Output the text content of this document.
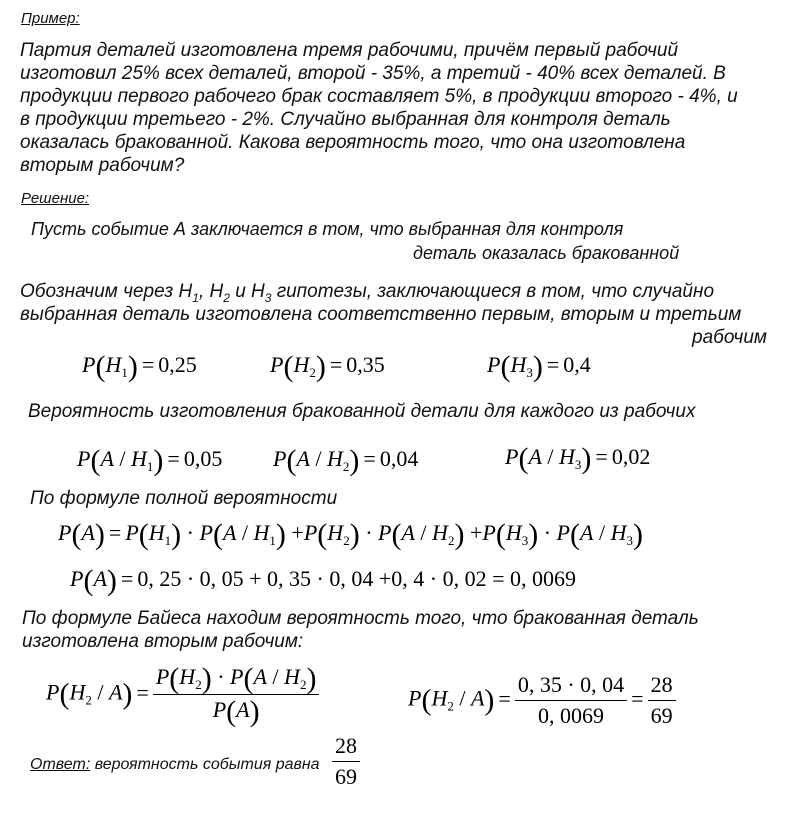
Пример:
Партия деталей изготовлена тремя рабочими, причём первый рабочий
изготовил 25% всех деталей, второй - 35%, а третий - 40% всех деталей. В
продукции первого рабочего брак составляет 5%, в продукции второго - 4%, и
в продукции третьего - 2%. Случайно выбранная для контроля деталь
оказалась бракованной. Какова вероятность того, что она изготовлена
вторым рабочим?
Решение:
Пусть событие А заключается в том, что выбранная для контроля
деталь оказалась бракованной
Обозначим через $H_1$, $H_2$ и $H_3$ гипотезы, заключающиеся в том, что случайно
выбранная деталь изготовлена соответственно первым, вторым и третьим
рабочим
$P(H_1) = 0,25$	$P(H_2) = 0,35$	$P(H_3) = 0,4$
Вероятность изготовления бракованной детали для каждого из рабочих
$P(A / H_1) = 0,05$ $P(A / H_2) = 0,04$	$P(A / H_3) = 0,02$
По формуле полной вероятности
$P(A) = P(H_1) \cdot P(A / H_1) +P(H_2) \cdot P(A / H_2) +P(H_3) \cdot P(A / H_3)$
P(A) = 0, 25 · 0, 05 + 0, 35 · 0, 04 +0, 4 · 0, 02 = 0, 0069
По формуле Байеса находим вероятность того, что бракованная деталь
изготовлена вторым рабочим:
$P(H_2 / A) = \frac{P(H_2) \cdot P(A / H_2)}{P(A)}$	$P(H_2 / A) = \frac{0, 35 \cdot 0, 04}{0, 0069} = \frac{28}{69}$
Ответ: вероятность события равна $\frac{28}{69}$
